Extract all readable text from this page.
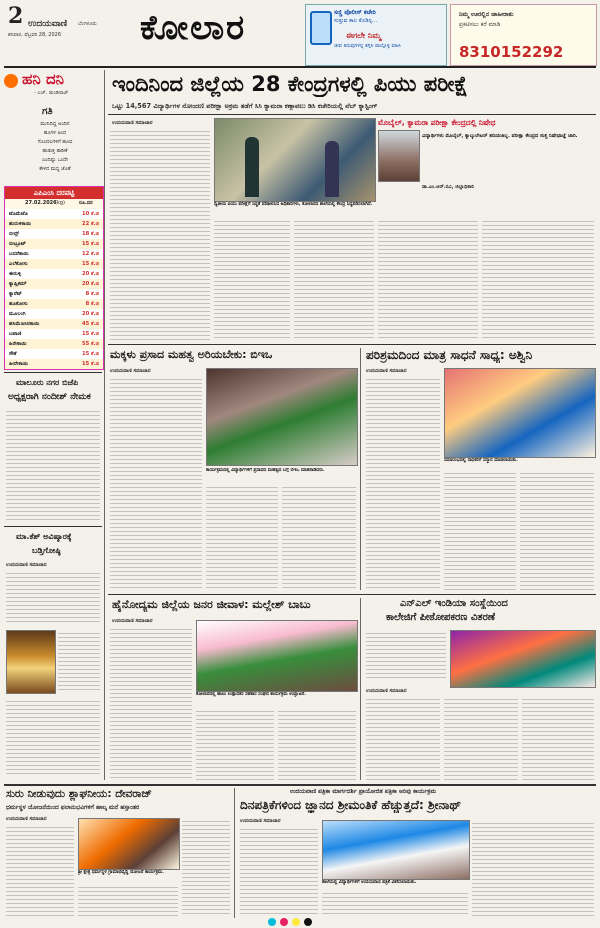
2 ಉದಯವಾಣಿ ಬೆಂಗಳೂರು
ಶನಿವಾರ, ಫೆಬ್ರವರಿ 28, 2026 ಕೋಲಾರ	ಸಣ್ಣಿ ಪೊಲೀಸ್ ಕಚೇರಿ
ಸುತ್ತುವ ಕಾಲ ಕೊಡಿಸ್ಸ...
ಈಗಲೇ ನಿಮ್ಮ
ಜೀವ ತಿರುವುಗಳನ್ನ ತಗ್ಗಿಸಿ ಪಾಲ್ಗೊಳ್ಳಿ ವಹಿಸಿ
ನಿಮ್ಮ ಊರಲ್ಲಿನ ಜಾಹೀರಾತು
ಪ್ರಕಟಿಸಲು ಕರೆ ಮಾಡಿ
8310152292
ಹನಿ ದನಿ
- ಎಚ್. ಡುಂಡಿರಾಜ್
ಗತಿ
ಮುನಿದಿದ್ದ ಅಂದಿನ
ಹೂಗಳ ಅಂದ
ಗೊಂದಲಗಳಿಗೆ ಹೂವ
ಹುಡುಕ್ತ ತಾರೀಕೆ
ಎಂದಿಷ್ಟು ಒಂದೇ
ಕೇಳಿದ ಮಧ್ಯ ಜೊತೆ
ಎಪಿಎಂಸಿ ದರಪಟ್ಟಿ
27.02.2026	ರೂ.ದರ
(kg)
ಟೊಮೆಟೊ	10 ಕೆ.ಜಿ
ಹುರುಳಿಕಾಯಿ	22 ಕೆ.ಜಿ
ಬೀನ್ಸ್	18 ಕೆ.ಜಿ
ಬೀಟ್ರೂಟ್	15 ಕೆ.ಜಿ
ಬದನೆಕಾಯಿ	12 ಕೆ.ಜಿ
ಎಲೆಕೋಸು	15 ಕೆ.ಜಿ
ಈರುಳ್ಳಿ	20 ಕೆ.ಜಿ
ಕ್ಯಾಪ್ಸಿಕಮ್	20 ಕೆ.ಜಿ
ಕ್ಯಾರೆಟ್	8 ಕೆ.ಜಿ
ಹೂಕೋಸು	8 ಕೆ.ಜಿ
ಮೂಲಂಗಿ	20 ಕೆ.ಜಿ
ಹಸಿಮೆಣಸಿನಕಾಯಿ	45 ಕೆ.ಜಿ
ಬಟಾಣಿ	15 ಕೆ.ಜಿ
ಹಿರೇಕಾಯಿ	55 ಕೆ.ಜಿ
ಸೌತೆ	15 ಕೆ.ಜಿ
ಹೀರೇಕಾಯಿ	15 ಕೆ.ಜಿ
ಮಾಲೂರು ನಗರ ಬಿಜೆಪಿ
ಅಧ್ಯಕ್ಷರಾಗಿ ನಂದೀಶ್ ನೇಮಕ
ಮಾ.ಕೆಶ್ ಅವಿಷ್ಕಾರಕ್ಕೆ
ಬಡ್ತಿಗೋಷ್ಠಿ
ಉದಯವಾಣಿ ಸಮಾಚಾರ
ಇಂದಿನಿಂದ ಜಿಲ್ಲೆಯ 28 ಕೇಂದ್ರಗಳಲ್ಲಿ ಪಿಯು ಪರೀಕ್ಷೆ
ಒಟ್ಟು 14,567 ವಿದ್ಯಾರ್ಥಿಗಳ ನೋಂದಣಿ ಪರೀಕ್ಷಾ ಅಕ್ರಮ ತಡೆಗೆ ಸಿಸಿ ಕ್ಯಾಮರಾ ಕಣ್ಗಾವಲು ಡಿಸಿ ಕಚೇರಿಯಲ್ಲಿ ವೆಬ್ ಕ್ಯಾಸ್ಟಿಂಗ್
ಉದಯವಾಣಿ ಸಮಾಚಾರ
ದ್ವಿತೀಯ ಪಿಯು ಪರೀಕ್ಷೆಗೆ ಸಿದ್ಧತೆ ಪರಿಶೀಲಿಸಿದ ಅಧಿಕಾರಿಗಳು, ಕೋಲಾರದ ಶಾಲೆಯಲ್ಲಿ ಕೇಂದ್ರ ಸಿದ್ಧಪಡಿಸಲಾಗಿದೆ.
ಮೊಬೈಲ್, ಕ್ಯಾಮರಾ ಪರೀಕ್ಷಾ ಕೇಂದ್ರದಲ್ಲಿ ನಿಷೇಧ
ವಿದ್ಯಾರ್ಥಿಗಳು ಮೊಬೈಲ್, ಕ್ಯಾಲ್ಕುಲೇಟರ್ ತರುವಂತಿಲ್ಲ. ಪರೀಕ್ಷಾ ಕೇಂದ್ರದ ಸುತ್ತ ನಿಷೇಧಾಜ್ಞೆ ಜಾರಿ.
ಡಾ.ಎಂ.ಆರ್.ರವಿ, ಜಿಲ್ಲಾಧಿಕಾರಿ
ಮಕ್ಕಳು ಪ್ರಸಾದ ಮಹತ್ವ ಅರಿಯಬೇಕು: ಬಿಇಒ
ಉದಯವಾಣಿ ಸಮಾಚಾರ
ಕಾರ್ಯಕ್ರಮದಲ್ಲಿ ವಿದ್ಯಾರ್ಥಿಗಳಿಗೆ ಪ್ರಸಾದದ ಮಹತ್ವದ ಬಗ್ಗೆ ಬಿಇಒ ಮಾತನಾಡಿದರು.
ಪರಿಶ್ರಮದಿಂದ ಮಾತ್ರ ಸಾಧನೆ ಸಾಧ್ಯ: ಅಶ್ವಿನಿ
ಉದಯವಾಣಿ ಸಮಾಚಾರ
ಸಮಾರಂಭದಲ್ಲಿ ಸಾಧಕರಿಗೆ ಸನ್ಮಾನ ಮಾಡಲಾಯಿತು.
ಹೈನೋದ್ಯಮ ಜಿಲ್ಲೆಯ ಜನರ ಜೀವಾಳ: ಮಲ್ಲೇಶ್ ಬಾಬು
ಉದಯವಾಣಿ ಸಮಾಚಾರ
ಕೋಲಾರದಲ್ಲಿ ಹಾಲು ಉತ್ಪಾದಕರ ಸಹಕಾರ ಸಂಘದ ಕಾರ್ಯಕ್ರಮ ಉದ್ಘಾಟನೆ.
ಎನ್‌ಎಲ್ ಇಂಡಿಯಾ ಸಂಸ್ಥೆಯಿಂದ
ಕಾಲೇಜಿಗೆ ಪೀಠೋಪಕರಣ ವಿತರಣೆ
ಉದಯವಾಣಿ ಸಮಾಚಾರ
ಸುರು ನೀಡುವುದು ಶ್ಲಾಘನೀಯ: ದೇವರಾಜ್
ಧರ್ಮಸ್ಥಳ ಯೋಜನೆಯಿಂದ ಫಲಾನುಭವಿಗಳಿಗೆ ಹಾಲ್ಕ ಮನೆ ಹಸ್ತಾಂತರ
ಉದಯವಾಣಿ ಸಮಾಚಾರ
ಶ್ರೀ ಕ್ಷೇತ್ರ ಧರ್ಮಸ್ಥಳ ಗ್ರಾಮಾಭಿವೃದ್ಧಿ ಯೋಜನೆ ಕಾರ್ಯಕ್ರಮ.
ಉದಯವಾಣಿ ಪತ್ರಿಕಾ ಮಾರ್ಗದರ್ಶಿ ಪ್ರಾಯೋಜಿತ ಪತ್ರಿಕಾ ಅರಿವು ಕಾರ್ಯಕ್ರಮ
ದಿನಪತ್ರಿಕೆಗಳಿಂದ ಜ್ಞಾನದ ಶ್ರೀಮಂತಿಕೆ ಹೆಚ್ಚುತ್ತದೆ: ಶ್ರೀನಾಥ್
ಉದಯವಾಣಿ ಸಮಾಚಾರ
ಶಾಲೆಯಲ್ಲಿ ವಿದ್ಯಾರ್ಥಿಗಳಿಗೆ ಉದಯವಾಣಿ ಪತ್ರಿಕೆ ವಿತರಿಸಲಾಯಿತು.
